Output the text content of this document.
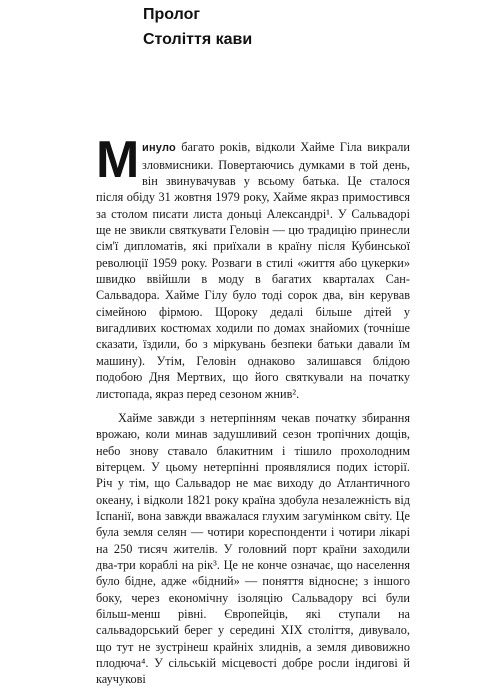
Пролог
Століття кави

М инуло багато років, відколи Хайме Гіла викрали зловмисники. Повертаючись думками в той день, він звинувачував у всьому батька. Це сталося після обіду 31 жовтня 1979 року, Хайме якраз примостився за столом писати листа доньці Александрі¹. У Сальвадорі ще не звикли святкувати Геловін — цю традицію принесли сім'ї дипломатів, які приїхали в країну після Кубинської революції 1959 року. Розваги в стилі «життя або цукерки» швидко ввійшли в моду в багатих кварталах Сан-Сальвадора. Хайме Гілу було тоді сорок два, він керував сімейною фірмою. Щороку дедалі більше дітей у вигадливих костюмах ходили по домах знайомих (точніше сказати, їздили, бо з міркувань безпеки батьки давали їм машину). Утім, Геловін однаково залишався блідою подобою Дня Мертвих, що його святкували на початку листопада, якраз перед сезоном жнив².

Хайме завжди з нетерпінням чекав початку збирання врожаю, коли минав задушливий сезон тропічних дощів, небо знову ставало блакитним і тішило прохолодним вітерцем. У цьому нетерпінні проявлялися подих історії. Річ у тім, що Сальвадор не має виходу до Атлантичного океану, і відколи 1821 року країна здобула незалежність від Іспанії, вона завжди вважалася глухим загумінком світу. Це була земля селян — чотири кореспонденти і чотири лікарі на 250 тисяч жителів. У головний порт країни заходили два-три кораблі на рік³. Це не конче означає, що населення було бідне, адже «бідний» — поняття відносне; з іншого боку, через економічну ізоляцію Сальвадору всі були більш-менш рівні. Європейців, які ступали на сальвадорський берег у середині XIX століття, дивувало, що тут не зустрінеш крайніх злиднів, а земля дивовижно плодюча⁴. У сільській місцевості добре росли індигові й каучукові
